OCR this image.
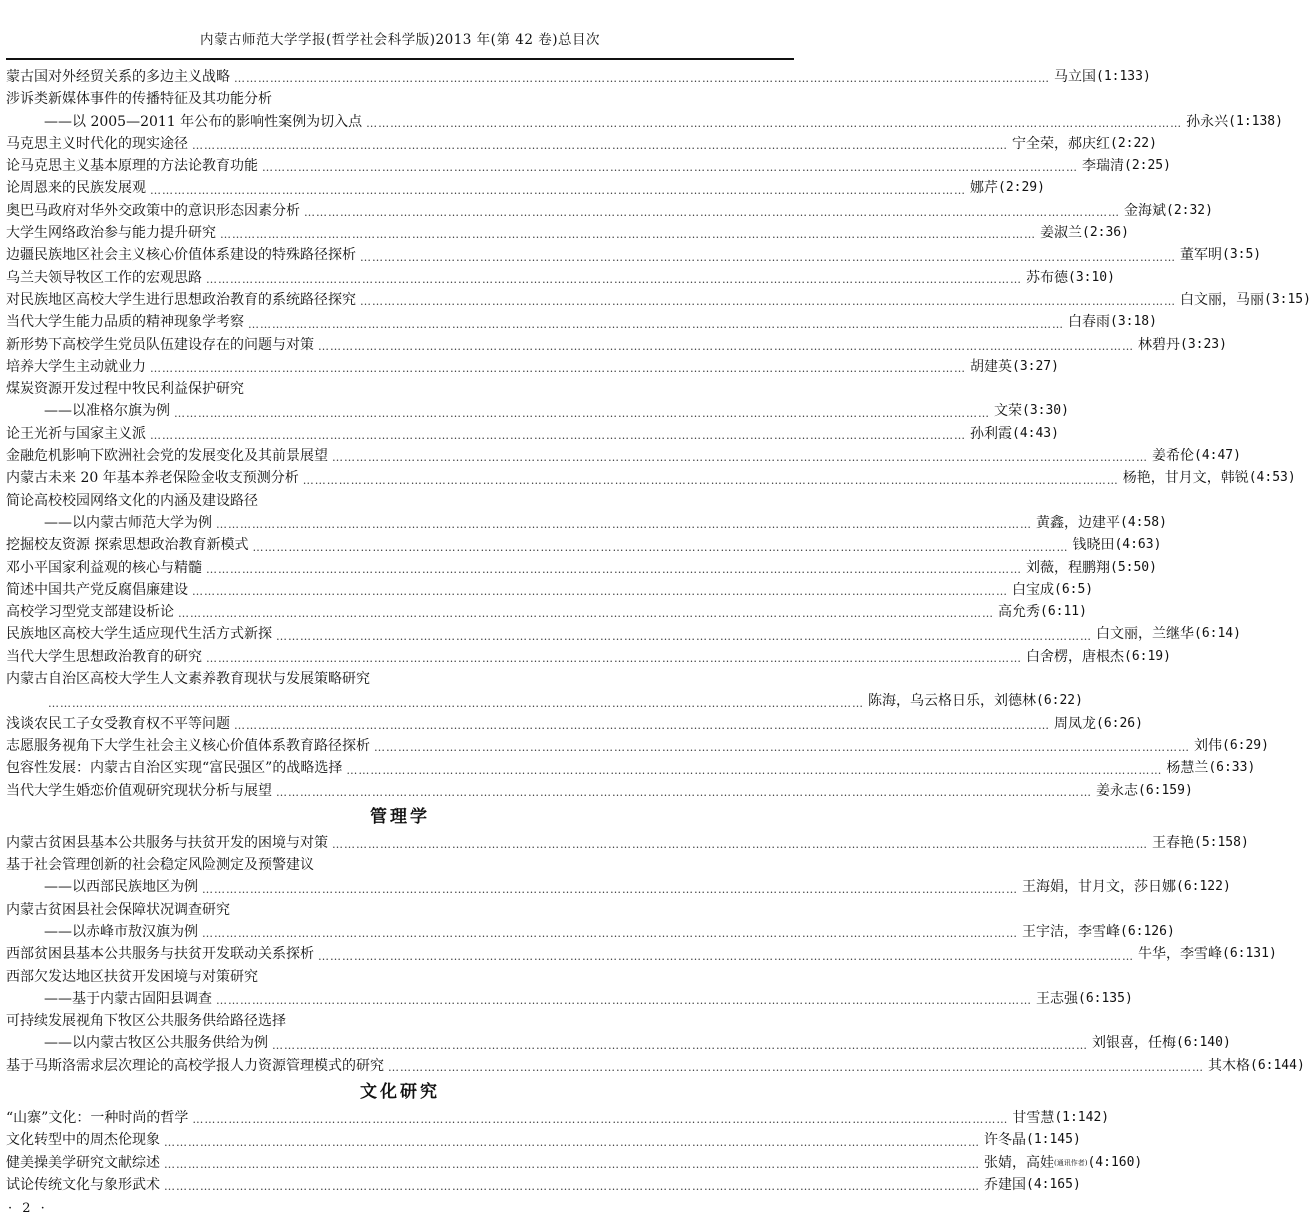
内蒙古师范大学学报(哲学社会科学版)2013 年(第 42 卷)总目次
蒙古国对外经贸关系的多边主义战略 …………………………………………………………………………………………………………………………………………………………………………………… 马立国 (1:133)
涉诉类新媒体事件的传播特征及其功能分析
——以 2005—2011 年公布的影响性案例为切入点 …………………………………………………………………………………………………………………………………………………………………………………… 孙永兴 (1:138)
马克思主义时代化的现实途径 …………………………………………………………………………………………………………………………………………………………………………………… 宁全荣，郝庆红 (2:22)
论马克思主义基本原理的方法论教育功能 …………………………………………………………………………………………………………………………………………………………………………………… 李瑞清 (2:25)
论周恩来的民族发展观 …………………………………………………………………………………………………………………………………………………………………………………… 娜芹 (2:29)
奥巴马政府对华外交政策中的意识形态因素分析 …………………………………………………………………………………………………………………………………………………………………………………… 金海斌 (2:32)
大学生网络政治参与能力提升研究 …………………………………………………………………………………………………………………………………………………………………………………… 姜淑兰 (2:36)
边疆民族地区社会主义核心价值体系建设的特殊路径探析 …………………………………………………………………………………………………………………………………………………………………………………… 董军明 (3:5)
乌兰夫领导牧区工作的宏观思路 …………………………………………………………………………………………………………………………………………………………………………………… 苏布德 (3:10)
对民族地区高校大学生进行思想政治教育的系统路径探究 …………………………………………………………………………………………………………………………………………………………………………………… 白文丽，马丽 (3:15)
当代大学生能力品质的精神现象学考察 …………………………………………………………………………………………………………………………………………………………………………………… 白春雨 (3:18)
新形势下高校学生党员队伍建设存在的问题与对策 …………………………………………………………………………………………………………………………………………………………………………………… 林碧丹 (3:23)
培养大学生主动就业力 …………………………………………………………………………………………………………………………………………………………………………………… 胡建英 (3:27)
煤炭资源开发过程中牧民利益保护研究
——以准格尔旗为例 …………………………………………………………………………………………………………………………………………………………………………………… 文荣 (3:30)
论王光祈与国家主义派 …………………………………………………………………………………………………………………………………………………………………………………… 孙利霞 (4:43)
金融危机影响下欧洲社会党的发展变化及其前景展望 …………………………………………………………………………………………………………………………………………………………………………………… 姜希伦 (4:47)
内蒙古未来 20 年基本养老保险金收支预测分析 …………………………………………………………………………………………………………………………………………………………………………………… 杨艳，甘月文，韩锐 (4:53)
简论高校校园网络文化的内涵及建设路径
——以内蒙古师范大学为例 …………………………………………………………………………………………………………………………………………………………………………………… 黄鑫，边建平 (4:58)
挖掘校友资源 探索思想政治教育新模式 …………………………………………………………………………………………………………………………………………………………………………………… 钱晓田 (4:63)
邓小平国家利益观的核心与精髓 …………………………………………………………………………………………………………………………………………………………………………………… 刘薇，程鹏翔 (5:50)
简述中国共产党反腐倡廉建设 …………………………………………………………………………………………………………………………………………………………………………………… 白宝成 (6:5)
高校学习型党支部建设析论 …………………………………………………………………………………………………………………………………………………………………………………… 高允秀 (6:11)
民族地区高校大学生适应现代生活方式新探 …………………………………………………………………………………………………………………………………………………………………………………… 白文丽，兰继华 (6:14)
当代大学生思想政治教育的研究 …………………………………………………………………………………………………………………………………………………………………………………… 白舍楞，唐根杰 (6:19)
内蒙古自治区高校大学生人文素养教育现状与发展策略研究
…………………………………………………………………………………………………………………………………………………………………………………… 陈海，乌云格日乐，刘德林 (6:22)
浅谈农民工子女受教育权不平等问题 …………………………………………………………………………………………………………………………………………………………………………………… 周凤龙 (6:26)
志愿服务视角下大学生社会主义核心价值体系教育路径探析 …………………………………………………………………………………………………………………………………………………………………………………… 刘伟 (6:29)
包容性发展：内蒙古自治区实现“富民强区”的战略选择 …………………………………………………………………………………………………………………………………………………………………………………… 杨慧兰 (6:33)
当代大学生婚恋价值观研究现状分析与展望 …………………………………………………………………………………………………………………………………………………………………………………… 姜永志 (6:159)
管理学
内蒙古贫困县基本公共服务与扶贫开发的困境与对策 …………………………………………………………………………………………………………………………………………………………………………………… 王春艳 (5:158)
基于社会管理创新的社会稳定风险测定及预警建议
——以西部民族地区为例 …………………………………………………………………………………………………………………………………………………………………………………… 王海娟，甘月文，莎日娜 (6:122)
内蒙古贫困县社会保障状况调查研究
——以赤峰市敖汉旗为例 …………………………………………………………………………………………………………………………………………………………………………………… 王宇洁，李雪峰 (6:126)
西部贫困县基本公共服务与扶贫开发联动关系探析 …………………………………………………………………………………………………………………………………………………………………………………… 牛华，李雪峰 (6:131)
西部欠发达地区扶贫开发困境与对策研究
——基于内蒙古固阳县调查 …………………………………………………………………………………………………………………………………………………………………………………… 王志强 (6:135)
可持续发展视角下牧区公共服务供给路径选择
——以内蒙古牧区公共服务供给为例 …………………………………………………………………………………………………………………………………………………………………………………… 刘银喜，任梅 (6:140)
基于马斯洛需求层次理论的高校学报人力资源管理模式的研究 …………………………………………………………………………………………………………………………………………………………………………………… 其木格 (6:144)
文化研究
“山寨”文化：一种时尚的哲学 …………………………………………………………………………………………………………………………………………………………………………………… 甘雪慧 (1:142)
文化转型中的周杰伦现象 …………………………………………………………………………………………………………………………………………………………………………………… 许冬晶 (1:145)
健美操美学研究文献综述 …………………………………………………………………………………………………………………………………………………………………………………… 张婧，高娃 (通讯作者) (4:160)
试论传统文化与象形武术 …………………………………………………………………………………………………………………………………………………………………………………… 乔建国 (4:165)
· 2 ·
